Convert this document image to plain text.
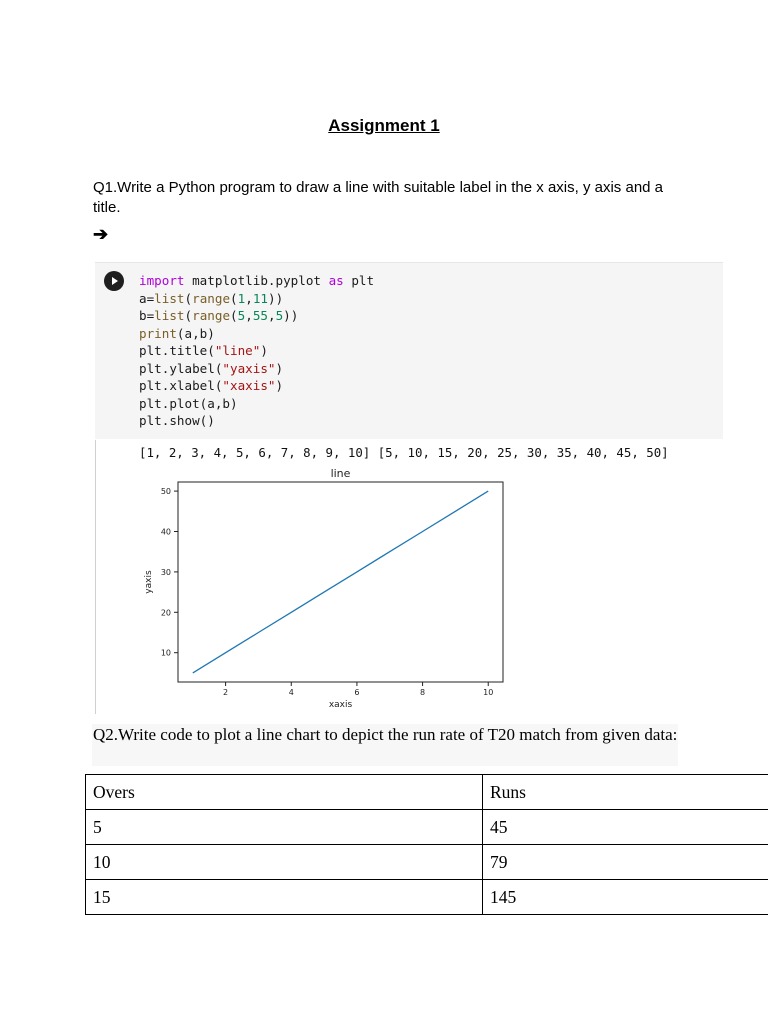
Assignment 1
Q1.Write a Python program to draw a line with suitable label in the x axis, y axis and a title.
➔
import matplotlib.pyplot as plt
a=list(range(1,11))
b=list(range(5,55,5))
print(a,b)
plt.title("line")
plt.ylabel("yaxis")
plt.xlabel("xaxis")
plt.plot(a,b)
plt.show()
[1, 2, 3, 4, 5, 6, 7, 8, 9, 10] [5, 10, 15, 20, 25, 30, 35, 40, 45, 50]
line
2	4	6	8	10
10
20
30
40
50
xaxis
yaxis
Q2.Write code to plot a line chart to depict the run rate of T20 match from given data:
Overs	Runs
5	45
10	79
15	145
